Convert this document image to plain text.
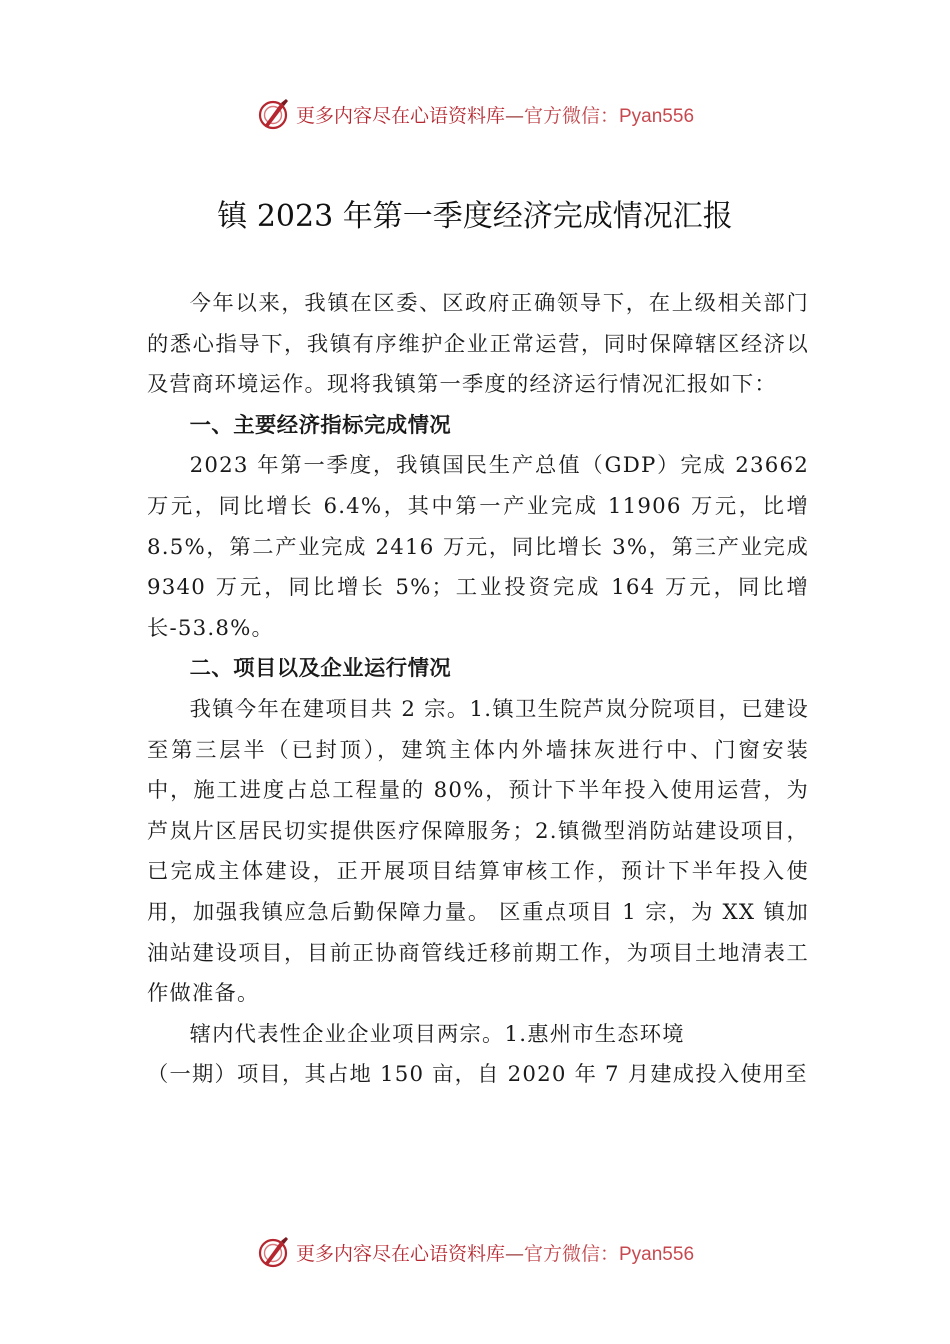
更多内容尽在心语资料库—官方微信：Pyan556
镇 2023 年第一季度经济完成情况汇报

今年以来，我镇在区委、区政府正确领导下，在上级相关部门的悉心指导下，我镇有序维护企业正常运营，同时保障辖区经济以及营商环境运作。现将我镇第一季度的经济运行情况汇报如下：

一、主要经济指标完成情况

2023 年第一季度，我镇国民生产总值（GDP）完成 23662 万元，同比增长 6.4%，其中第一产业完成 11906 万元，比增 8.5%，第二产业完成 2416 万元，同比增长 3%，第三产业完成 9340 万元，同比增长 5%；工业投资完成 164 万元，同比增长-53.8%。

二、项目以及企业运行情况

我镇今年在建项目共 2 宗。1.镇卫生院芦岚分院项目，已建设至第三层半（已封顶），建筑主体内外墙抹灰进行中、门窗安装中，施工进度占总工程量的 80%，预计下半年投入使用运营，为芦岚片区居民切实提供医疗保障服务；2.镇微型消防站建设项目，已完成主体建设，正开展项目结算审核工作，预计下半年投入使用，加强我镇应急后勤保障力量。 区重点项目 1 宗，为 XX 镇加油站建设项目，目前正协商管线迁移前期工作，为项目土地清表工作做准备。

辖内代表性企业企业项目两宗。1.惠州市生态环境

（一期）项目，其占地 150 亩，自 2020 年 7 月建成投入使用至

更多内容尽在心语资料库—官方微信：Pyan556
